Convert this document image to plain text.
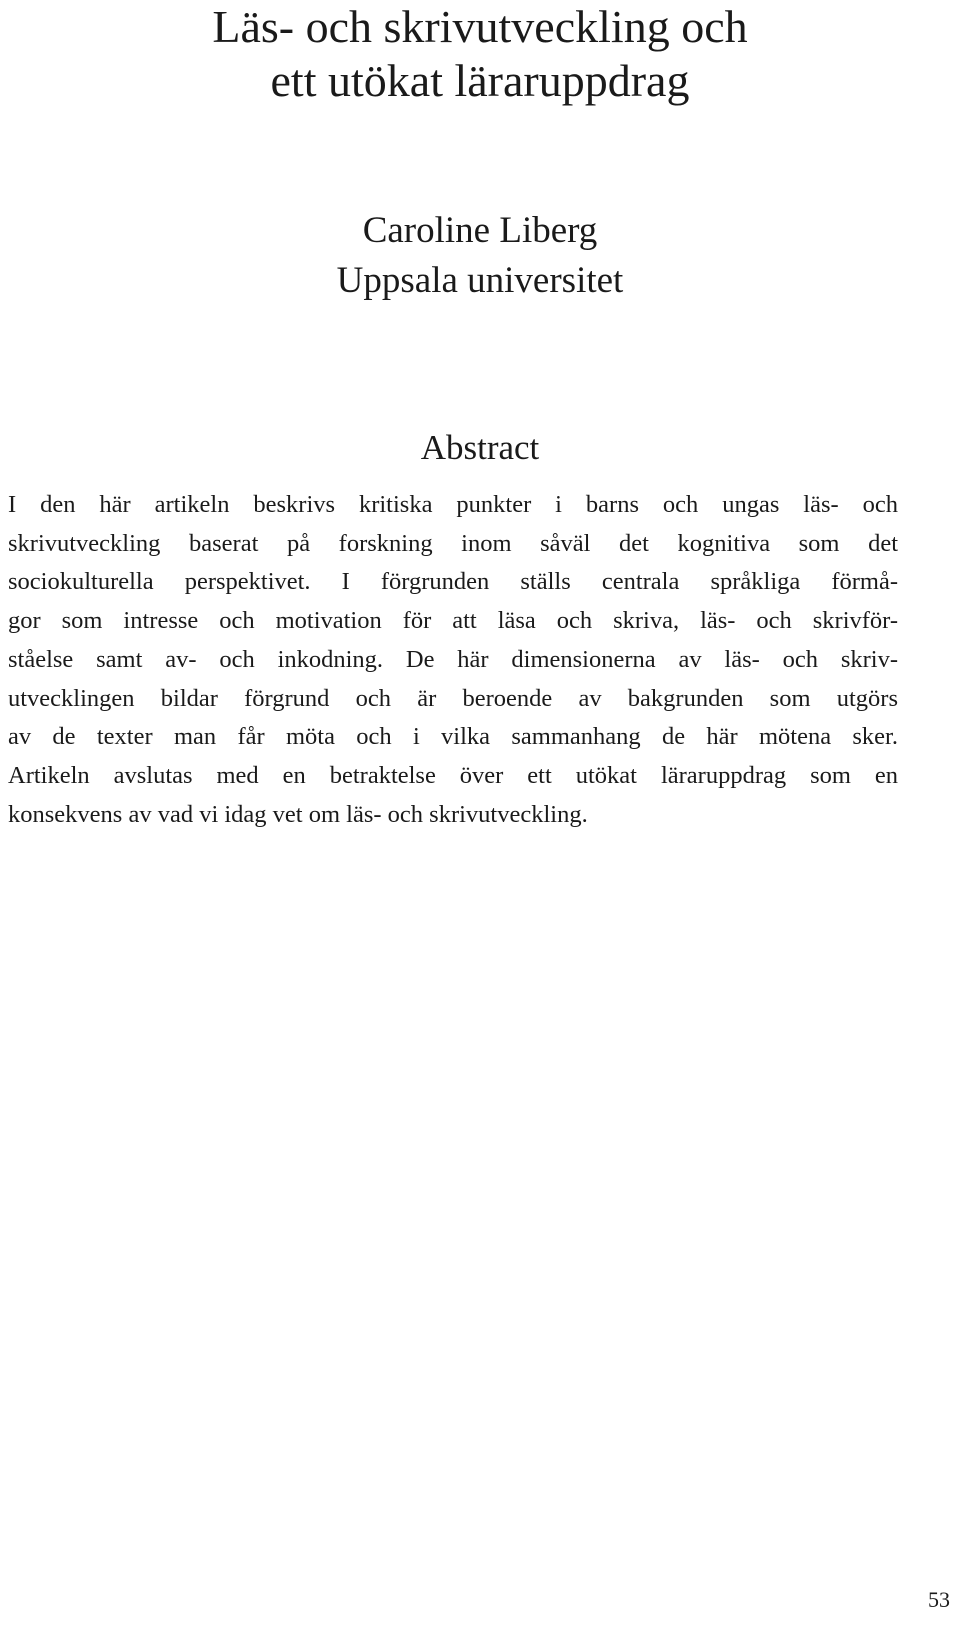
Läs- och skrivutveckling och
ett utökat läraruppdrag
Caroline Liberg
Uppsala universitet
Abstract
I den här artikeln beskrivs kritiska punkter i barns och ungas läs- och
skrivutveckling baserat på forskning inom såväl det kognitiva som det
sociokulturella perspektivet. I förgrunden ställs centrala språkliga förmå-
gor som intresse och motivation för att läsa och skriva, läs- och skrivför-
ståelse samt av- och inkodning. De här dimensionerna av läs- och skriv-
utvecklingen bildar förgrund och är beroende av bakgrunden som utgörs
av de texter man får möta och i vilka sammanhang de här mötena sker.
Artikeln avslutas med en betraktelse över ett utökat läraruppdrag som en
konsekvens av vad vi idag vet om läs- och skrivutveckling.
53
